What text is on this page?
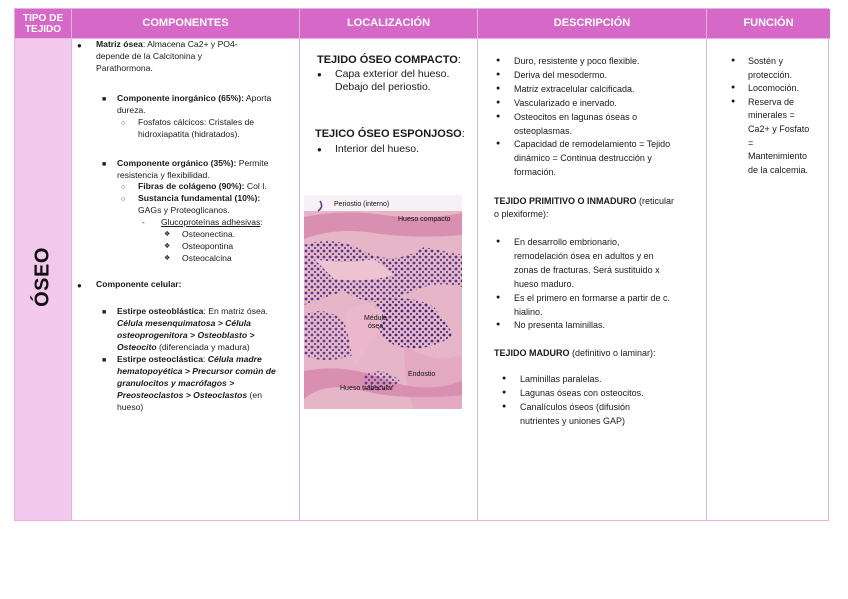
TIPO DE TEJIDO
ÓSEO
COMPONENTES
● Matriz ósea: Almacena Ca2+ y PO4-
depende de la Calcitonina y
Parathormona.
■ Componente inorgánico (65%): Aporta
dureza.
○ Fosfatos cálcicos: Cristales de
hidroxiapatita (hidratados).
■ Componente orgánico (35%): Permite
resistencia y flexibilidad.
○ Fibras de colágeno (90%): Col I.
○ Sustancia fundamental (10%):
GAGs y Proteoglicanos.
- Glucoproteínas adhesivas:
❖ Osteonectina.
❖ Osteopontina
❖ Osteocalcina
● Componente celular:
■ Estirpe osteoblástica: En matriz ósea.
Célula mesenquimatosa > Célula
osteoprogenitora > Osteoblasto >
Osteocito (diferenciada y madura)
■ Estirpe osteoclástica: Célula madre
hematopoyética > Precursor común de
granulocitos y macrófagos >
Preosteoclastos > Osteoclastos (en
hueso)
LOCALIZACIÓN
TEJIDO ÓSEO COMPACTO:
● Capa exterior del hueso.
Debajo del periostio.
TEJICO ÓSEO ESPONJOSO:
● Interior del hueso.
DESCRIPCIÓN
● Duro, resistente y poco flexible.
● Deriva del mesodermo.
● Matriz extracelular calcificada.
● Vascularizado e inervado.
● Osteocitos en lagunas óseas o
osteoplasmas.
● Capacidad de remodelamiento = Tejido
dinámico = Continua destrucción y
formación.
TEJIDO PRIMITIVO O INMADURO (reticular
o plexiforme):
● En desarrollo embrionario,
remodelación ósea en adultos y en
zonas de fracturas. Será sustituido x
hueso maduro.
● Es el primero en formarse a partir de c.
hialino.
● No presenta laminillas.
TEJIDO MADURO (definitivo o laminar):
● Laminillas paralelas.
● Lagunas óseas con osteocitos.
● Canalículos óseos (difusión
nutrientes y uniones GAP)
FUNCIÓN
● Sostén y
protección.
● Locomoción.
● Reserva de
minerales =
Ca2+ y Fosfato
=
Mantenimiento
de la calcemia.
Periostio (interno)
Hueso compacto
Médula
ósea
Endostio
Hueso trabecular
